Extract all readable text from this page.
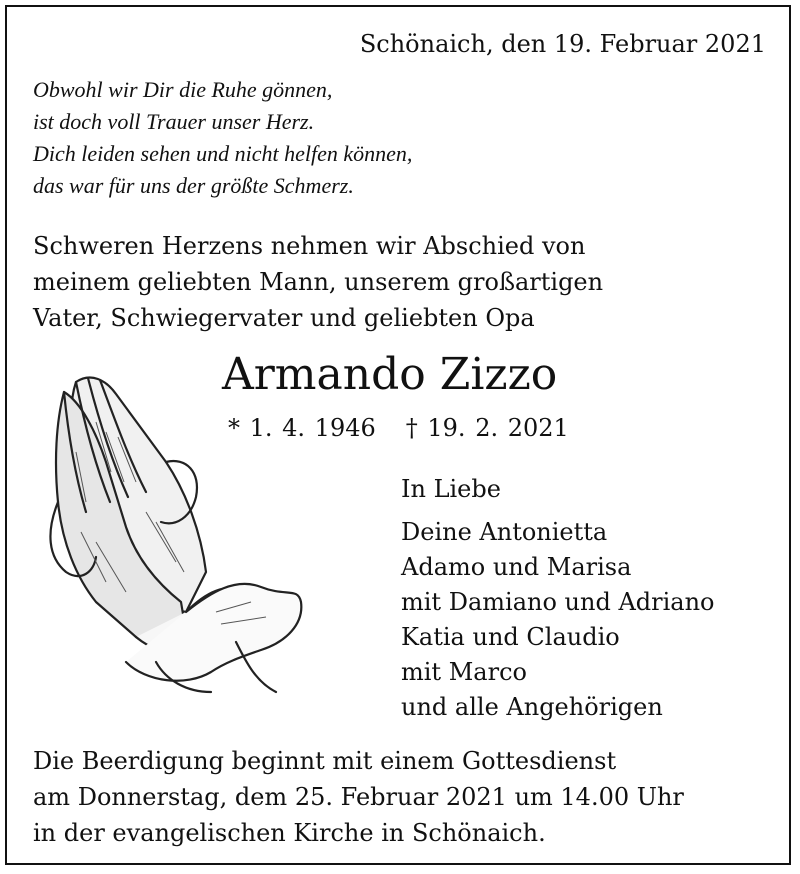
Schönaich, den 19. Februar 2021

Obwohl wir Dir die Ruhe gönnen,
ist doch voll Trauer unser Herz.
Dich leiden sehen und nicht helfen können,
das war für uns der größte Schmerz.
Schweren Herzens nehmen wir Abschied von
meinem geliebten Mann, unserem großartigen
Vater, Schwiegervater und geliebten Opa

Armando Zizzo

* 1. 4. 1946 † 19. 2. 2021

In Liebe
Deine Antonietta
Adamo und Marisa
mit Damiano und Adriano
Katia und Claudio
mit Marco
und alle Angehörigen
Die Beerdigung beginnt mit einem Gottesdienst
am Donnerstag, dem 25. Februar 2021 um 14.00 Uhr
in der evangelischen Kirche in Schönaich.
